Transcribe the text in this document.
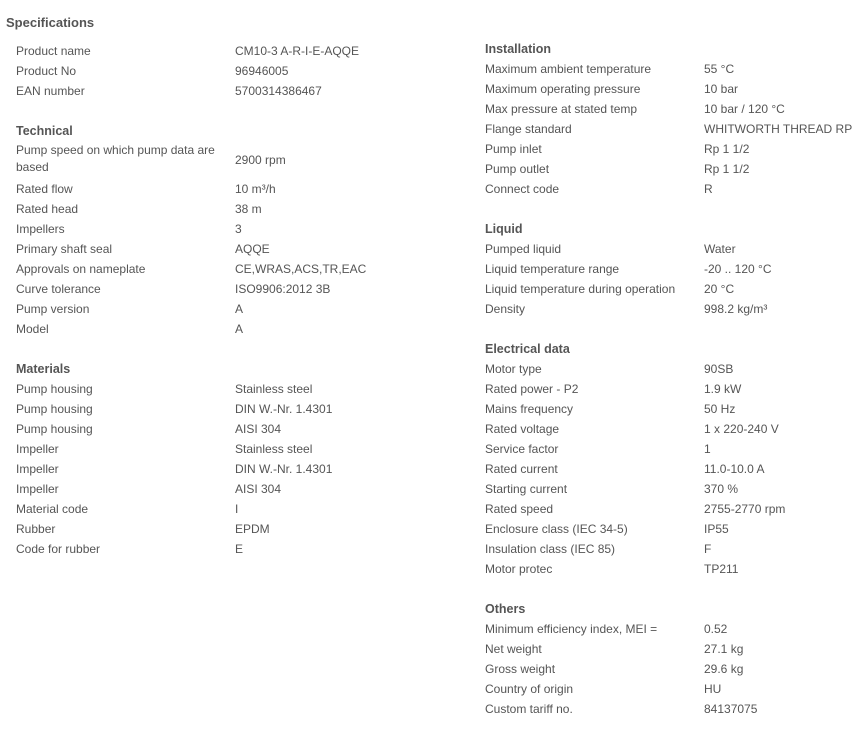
Specifications
Product name	CM10-3 A-R-I-E-AQQE
Product No	96946005
EAN number	5700314386467
Technical
Pump speed on which pump data are based	2900 rpm
Rated flow	10 m³/h
Rated head	38 m
Impellers	3
Primary shaft seal	AQQE
Approvals on nameplate	CE,WRAS,ACS,TR,EAC
Curve tolerance	ISO9906:2012 3B
Pump version	A
Model	A
Materials
Pump housing	Stainless steel
Pump housing	DIN W.-Nr. 1.4301
Pump housing	AISI 304
Impeller	Stainless steel
Impeller	DIN W.-Nr. 1.4301
Impeller	AISI 304
Material code	I
Rubber	EPDM
Code for rubber	E
Installation
Maximum ambient temperature	55 °C
Maximum operating pressure	10 bar
Max pressure at stated temp	10 bar / 120 °C
Flange standard	WHITWORTH THREAD RP
Pump inlet	Rp 1 1/2
Pump outlet	Rp 1 1/2
Connect code	R
Liquid
Pumped liquid	Water
Liquid temperature range	-20 .. 120 °C
Liquid temperature during operation	20 °C
Density	998.2 kg/m³
Electrical data
Motor type	90SB
Rated power - P2	1.9 kW
Mains frequency	50 Hz
Rated voltage	1 x 220-240 V
Service factor	1
Rated current	11.0-10.0 A
Starting current	370 %
Rated speed	2755-2770 rpm
Enclosure class (IEC 34-5)	IP55
Insulation class (IEC 85)	F
Motor protec	TP211
Others
Minimum efficiency index, MEI =	0.52
Net weight	27.1 kg
Gross weight	29.6 kg
Country of origin	HU
Custom tariff no.	84137075
